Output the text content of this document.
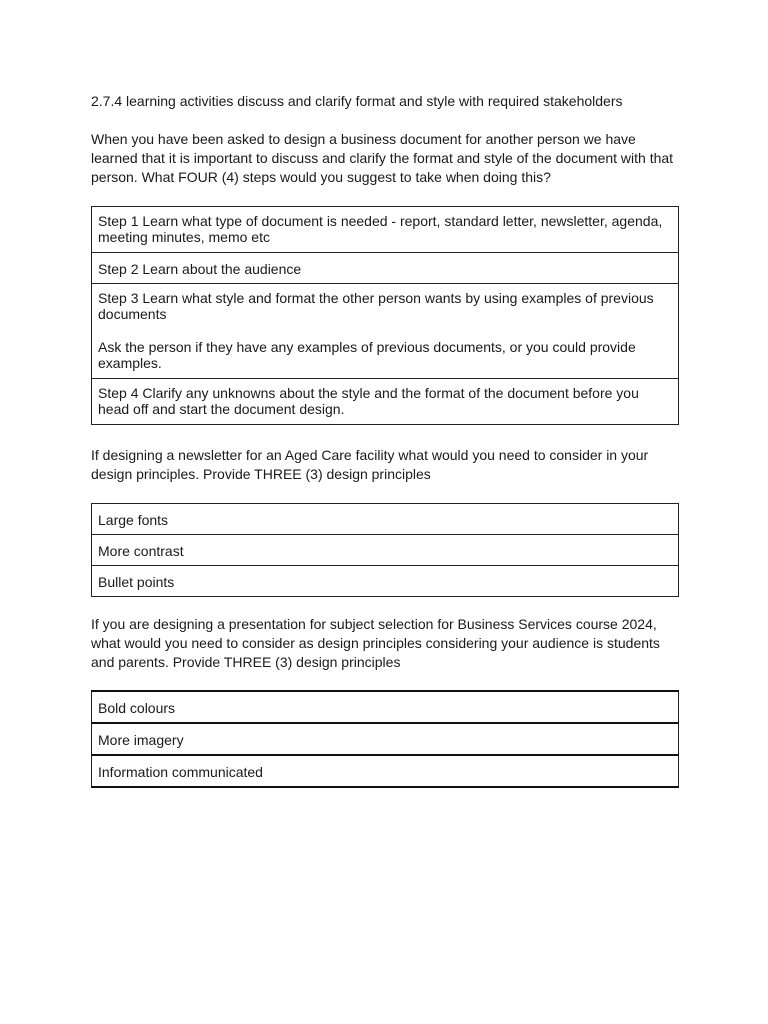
2.7.4 learning activities discuss and clarify format and style with required stakeholders

When you have been asked to design a business document for another person we have learned that it is important to discuss and clarify the format and style of the document with that person. What FOUR (4) steps would you suggest to take when doing this?

Step 1 Learn what type of document is needed - report, standard letter, newsletter, agenda, meeting minutes, memo etc

Step 2 Learn about the audience

Step 3 Learn what style and format the other person wants by using examples of previous documents
Ask the person if they have any examples of previous documents, or you could provide examples.

Step 4 Clarify any unknowns about the style and the format of the document before you head off and start the document design.

If designing a newsletter for an Aged Care facility what would you need to consider in your design principles. Provide THREE (3) design principles

Large fonts
More contrast
Bullet points

If you are designing a presentation for subject selection for Business Services course 2024, what would you need to consider as design principles considering your audience is students and parents. Provide THREE (3) design principles

Bold colours
More imagery
Information communicated
